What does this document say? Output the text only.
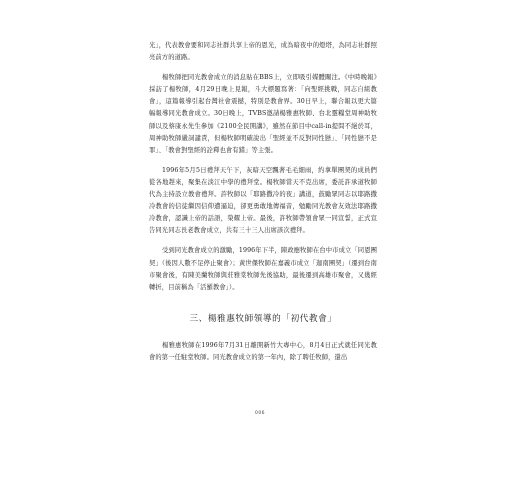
光」，代表教會要和同志社群共享上帝的恩光，成為暗夜中的燈塔，為同志社群照亮前方的道路。

楊牧師把同光教會成立的消息貼在BBS上，立即吸引媒體關注。《中時晚報》採訪了楊牧師，4月29日晚上見報，斗大標題寫著：「向聖經挑戰，同志自組教會」，這篇報導引起台灣社會震撼，特別是教會界。30日早上，聯合報以更大篇幅報導同光教會成立。30日晚上，TVBS邀請楊雅惠牧師、台北靈糧堂周神助牧師以及蔡康永先生參加《2100全民開講》，雖然在節目中call-in提問不絕於耳，周神助牧師嚴詞譴責，但楊牧師明確說出「聖經並不反對同性戀」、「同性戀不是罪」、「教會對聖經的詮釋也會有錯」等主張。

1996年5月5日禮拜天午下，灰暗天空飄著毛毛細雨，約拿單團契的成員們從各地趕來，聚集在淡江中學的禮拜堂。楊牧師當天不克出席，委託許承道牧師代為主持設立教會禮拜。許牧師以「耶路撒冷的夜」講道，鼓勵眾同志以耶路撒冷教會的信徒繼因信仰遭逼迫，卻更勇敢地傳福音，勉勵同光教會友效法耶路撒冷教會，認識上帝的話語，榮耀上帝。最後，許牧師帶領會眾一同宣誓，正式宣告同光同志長老教會成立，共有三十三人出席該次禮拜。

受到同光教會成立的激勵，1996年下半，陳政應牧師在台中市成立「同恩團契」（後因人數不足停止聚會）；黃世傑牧師在嘉義市成立「迦南團契」（遷到台南市聚會後，有陳美蘭牧師與莊雅棠牧師先後協助，最後遷到高雄市聚會，又幾經轉折，目前稱為「活羅教會」）。

三、楊雅惠牧師領導的「初代教會」

楊雅惠牧師在1996年7月31日離開新竹大專中心，8月4日正式就任同光教會的第一任駐堂牧師。同光教會成立的第一年內，除了聘任牧師，還出

006
